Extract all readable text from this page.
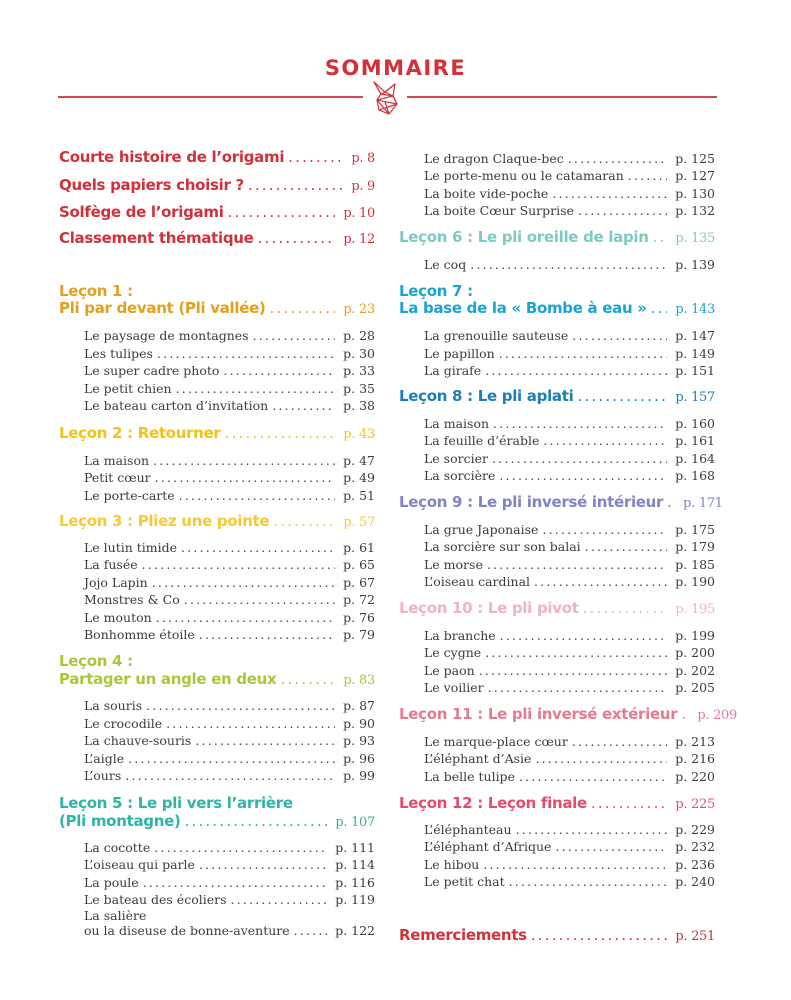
SOMMAIRE
Courte histoire de l’origami .....	p. 8
Quels papiers choisir ? .....	p. 9
Solfège de l’origami .....	p. 10
Classement thématique .....	p. 12
Leçon 1 :
Pli par devant (Pli vallée) .....	p. 23
Le paysage de montagnes .....	p. 28
Les tulipes .....	p. 30
Le super cadre photo .....	p. 33
Le petit chien .....	p. 35
Le bateau carton d’invitation .....	p. 38
Leçon 2 : Retourner .....	p. 43
La maison .....	p. 47
Petit cœur .....	p. 49
Le porte-carte .....	p. 51
Leçon 3 : Pliez une pointe .....	p. 57
Le lutin timide .....	p. 61
La fusée .....	p. 65
Jojo Lapin .....	p. 67
Monstres & Co .....	p. 72
Le mouton .....	p. 76
Bonhomme étoile .....	p. 79
Leçon 4 :
Partager un angle en deux .....	p. 83
La souris .....	p. 87
Le crocodile .....	p. 90
La chauve-souris .....	p. 93
L’aigle .....	p. 96
L’ours .....	p. 99
Leçon 5 : Le pli vers l’arrière
(Pli montagne) .....	p. 107
La cocotte .....	p. 111
L’oiseau qui parle .....	p. 114
La poule .....	p. 116
Le bateau des écoliers .....	p. 119
La salière
ou la diseuse de bonne-aventure .....	p. 122
Le dragon Claque-bec .....	p. 125
Le porte-menu ou le catamaran .....	p. 127
La boite vide-poche .....	p. 130
La boite Cœur Surprise .....	p. 132
Leçon 6 : Le pli oreille de lapin ..... p. 135
Le coq .....	p. 139
Leçon 7 :
La base de la « Bombe à eau » ..... p. 143
La grenouille sauteuse .....	p. 147
Le papillon .....	p. 149
La girafe .....	p. 151
Leçon 8 : Le pli aplati .....	p. 157
La maison .....	p. 160
La feuille d’érable .....	p. 161
Le sorcier .....	p. 164
La sorcière .....	p. 168
Leçon 9 : Le pli inversé intérieur ..... p. 171
La grue Japonaise .....	p. 175
La sorcière sur son balai .....	p. 179
Le morse .....	p. 185
L’oiseau cardinal .....	p. 190
Leçon 10 : Le pli pivot .....	p. 195
La branche .....	p. 199
Le cygne .....	p. 200
Le paon .....	p. 202
Le voilier .....	p. 205
Leçon 11 : Le pli inversé extérieur ..... p. 209
Le marque-place cœur .....	p. 213
L’éléphant d’Asie .....	p. 216
La belle tulipe .....	p. 220
Leçon 12 : Leçon finale .....	p. 225
L’éléphanteau .....	p. 229
L’éléphant d’Afrique .....	p. 232
Le hibou .....	p. 236
Le petit chat .....	p. 240
Remerciements .....	p. 251
